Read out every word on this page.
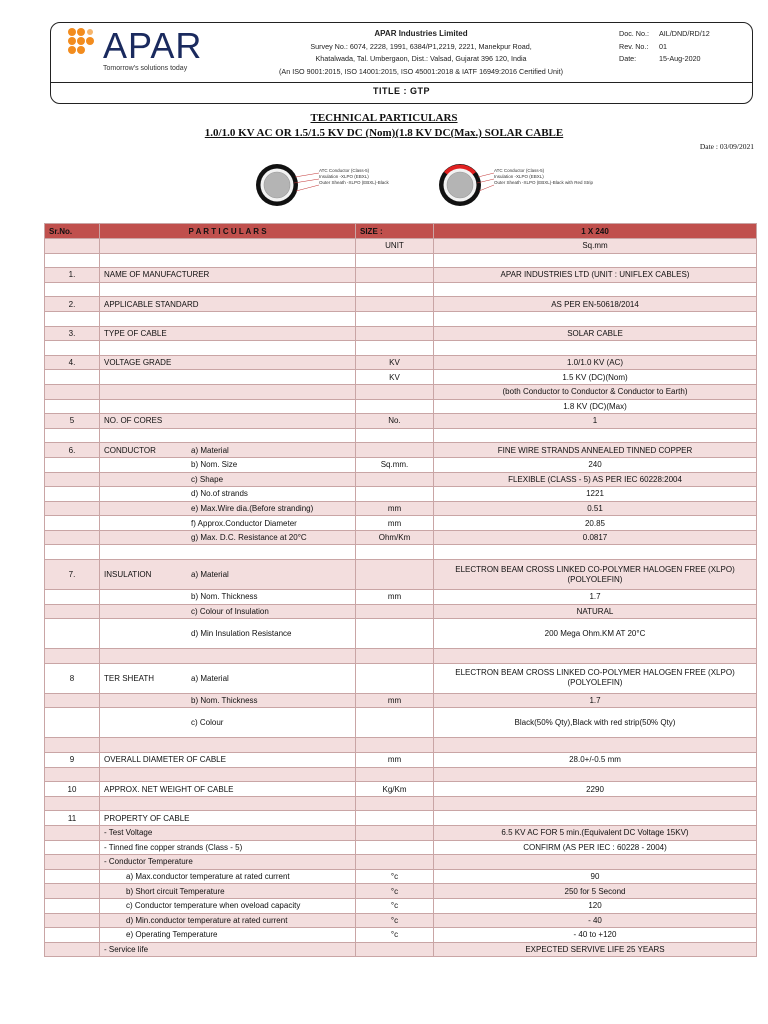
APAR
Tomorrow's solutions today
APAR Industries Limited
Survey No.: 6074, 2228, 1991, 6384/P1,2219, 2221, Manekpur Road,
Khatalwada, Tal. Umbergaon, Dist.: Valsad, Gujarat 396 120, India
(An ISO 9001:2015, ISO 14001:2015, ISO 45001:2018 & IATF 16949:2016 Certified Unit)
Doc. No.:	AIL/DND/RD/12
Rev. No.:	01
Date:	15-Aug-2020
TITLE : GTP
TECHNICAL PARTICULARS
1.0/1.0 KV AC OR 1.5/1.5 KV DC (Nom)(1.8 KV DC(Max.) SOLAR CABLE
Date : 03/09/2021
ATC Conductor (Class-5)
Insulation -XLPO (EBXL)
Outer Sheath -XLPO (EBXL)-Black
ATC Conductor (Class-5)
Insulation -XLPO (EBXL)
Outer Sheath -XLPO (EBXL)-Black with Red Strip
Sr.No.	P A R T I C U L A R S	SIZE :	1 X 240
		UNIT	Sq.mm

1.	NAME OF MANUFACTURER		APAR INDUSTRIES LTD (UNIT : UNIFLEX CABLES)

2.	APPLICABLE STANDARD		AS PER EN-50618/2014

3.	TYPE OF CABLE		SOLAR CABLE

4.	VOLTAGE GRADE	KV	1.0/1.0 KV (AC)
		KV	1.5 KV (DC)(Nom)
			(both Conductor to Conductor & Conductor to Earth)
			1.8 KV (DC)(Max)
5	NO. OF CORES	No.	1

6.	CONDUCTOR a) Material		FINE WIRE STRANDS ANNEALED TINNED COPPER
	b) Nom. Size	Sq.mm.	240
	c) Shape		FLEXIBLE (CLASS - 5) AS PER IEC 60228:2004
	d) No.of strands		1221
	e) Max.Wire dia.(Before stranding)	mm	0.51
	f) Approx.Conductor Diameter	mm	20.85
	g) Max. D.C. Resistance at 20°C	Ohm/Km	0.0817

7.	INSULATION a) Material		ELECTRON BEAM CROSS LINKED CO-POLYMER HALOGEN FREE (XLPO) (POLYOLEFIN)
	b) Nom. Thickness	mm	1.7
	c) Colour of Insulation		NATURAL
	d) Min Insulation Resistance		200 Mega Ohm.KM AT 20°C

8	TER SHEATH a) Material		ELECTRON BEAM CROSS LINKED CO-POLYMER HALOGEN FREE (XLPO) (POLYOLEFIN)
	b) Nom. Thickness	mm	1.7
	c) Colour		Black(50% Qty),Black with red strip(50% Qty)

9	OVERALL DIAMETER OF CABLE	mm	28.0+/-0.5 mm

10	APPROX. NET WEIGHT OF CABLE	Kg/Km	2290

11	PROPERTY OF CABLE		
	- Test Voltage		6.5 KV AC FOR 5 min.(Equivalent DC Voltage 15KV)
	- Tinned fine copper strands (Class - 5)		CONFIRM (AS PER IEC : 60228 - 2004)
	- Conductor Temperature		
	a) Max.conductor temperature at rated current	°c	90
	b) Short circuit Temperature	°c	250 for 5 Second
	c) Conductor temperature when oveload capacity	°c	120
	d) Min.conductor temperature at rated current	°c	- 40
	e) Operating Temperature	°c	- 40 to +120
	- Service life		EXPECTED SERVIVE LIFE 25 YEARS
